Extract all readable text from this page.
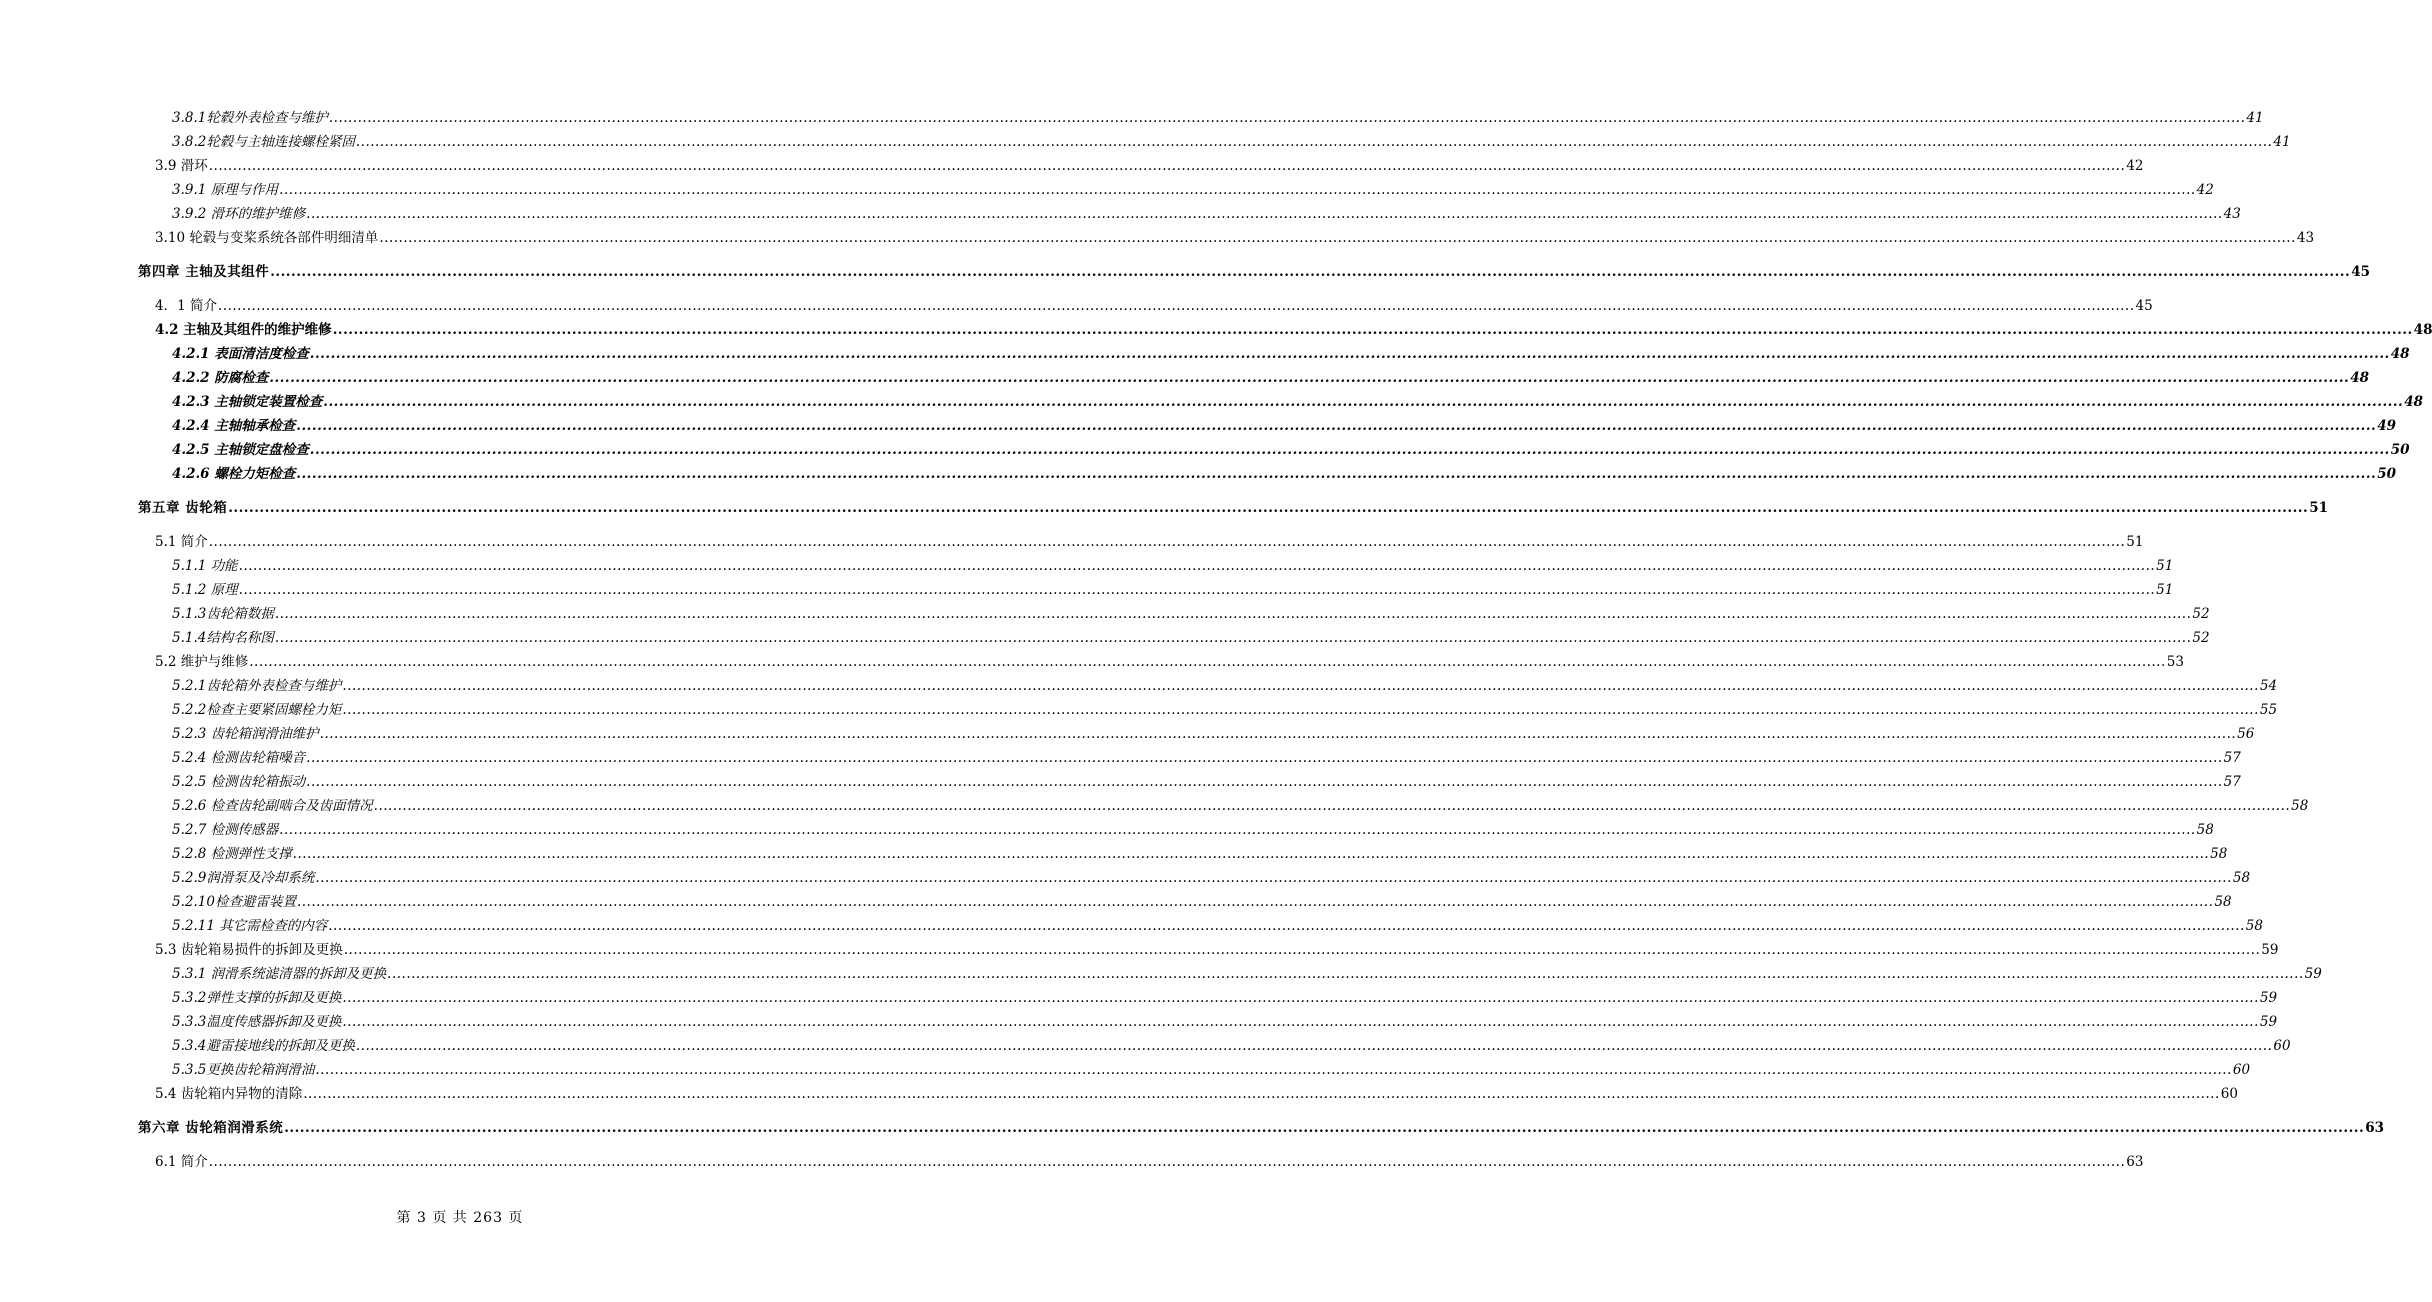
3.8.1轮毂外表检查与维护 ................................................................................................................................................................................................................................................................................................................................................................................................................ 41
3.8.2轮毂与主轴连接螺栓紧固 ................................................................................................................................................................................................................................................................................................................................................................................................................ 41
3.9 滑环 ................................................................................................................................................................................................................................................................................................................................................................................................................ 42
3.9.1 原理与作用 ................................................................................................................................................................................................................................................................................................................................................................................................................ 42
3.9.2 滑环的维护维修 ................................................................................................................................................................................................................................................................................................................................................................................................................ 43
3.10 轮毂与变桨系统各部件明细清单 ................................................................................................................................................................................................................................................................................................................................................................................................................ 43
第四章 主轴及其组件 ................................................................................................................................................................................................................................................................................................................................................................................................................ 45
4．1 简介 ................................................................................................................................................................................................................................................................................................................................................................................................................ 45
4.2 主轴及其组件的维护维修 ................................................................................................................................................................................................................................................................................................................................................................................................................ 48
4.2.1 表面清洁度检查 ................................................................................................................................................................................................................................................................................................................................................................................................................ 48
4.2.2 防腐检查 ................................................................................................................................................................................................................................................................................................................................................................................................................ 48
4.2.3 主轴锁定装置检查 ................................................................................................................................................................................................................................................................................................................................................................................................................ 48
4.2.4 主轴轴承检查 ................................................................................................................................................................................................................................................................................................................................................................................................................ 49
4.2.5 主轴锁定盘检查 ................................................................................................................................................................................................................................................................................................................................................................................................................ 50
4.2.6 螺栓力矩检查 ................................................................................................................................................................................................................................................................................................................................................................................................................ 50
第五章 齿轮箱 ................................................................................................................................................................................................................................................................................................................................................................................................................ 51
5.1 简介 ................................................................................................................................................................................................................................................................................................................................................................................................................ 51
5.1.1 功能 ................................................................................................................................................................................................................................................................................................................................................................................................................ 51
5.1.2 原理 ................................................................................................................................................................................................................................................................................................................................................................................................................ 51
5.1.3齿轮箱数据 ................................................................................................................................................................................................................................................................................................................................................................................................................ 52
5.1.4结构名称图 ................................................................................................................................................................................................................................................................................................................................................................................................................ 52
5.2 维护与维修 ................................................................................................................................................................................................................................................................................................................................................................................................................ 53
5.2.1齿轮箱外表检查与维护 ................................................................................................................................................................................................................................................................................................................................................................................................................ 54
5.2.2检查主要紧固螺栓力矩 ................................................................................................................................................................................................................................................................................................................................................................................................................ 55
5.2.3 齿轮箱润滑油维护 ................................................................................................................................................................................................................................................................................................................................................................................................................ 56
5.2.4 检测齿轮箱噪音 ................................................................................................................................................................................................................................................................................................................................................................................................................ 57
5.2.5 检测齿轮箱振动 ................................................................................................................................................................................................................................................................................................................................................................................................................ 57
5.2.6 检查齿轮副啮合及齿面情况 ................................................................................................................................................................................................................................................................................................................................................................................................................ 58
5.2.7 检测传感器 ................................................................................................................................................................................................................................................................................................................................................................................................................ 58
5.2.8 检测弹性支撑 ................................................................................................................................................................................................................................................................................................................................................................................................................ 58
5.2.9润滑泵及冷却系统 ................................................................................................................................................................................................................................................................................................................................................................................................................ 58
5.2.10检查避雷装置 ................................................................................................................................................................................................................................................................................................................................................................................................................ 58
5.2.11 其它需检查的内容 ................................................................................................................................................................................................................................................................................................................................................................................................................ 58
5.3 齿轮箱易损件的拆卸及更换 ................................................................................................................................................................................................................................................................................................................................................................................................................ 59
5.3.1 润滑系统滤清器的拆卸及更换 ................................................................................................................................................................................................................................................................................................................................................................................................................ 59
5.3.2弹性支撑的拆卸及更换 ................................................................................................................................................................................................................................................................................................................................................................................................................ 59
5.3.3温度传感器拆卸及更换 ................................................................................................................................................................................................................................................................................................................................................................................................................ 59
5.3.4避雷接地线的拆卸及更换 ................................................................................................................................................................................................................................................................................................................................................................................................................ 60
5.3.5更换齿轮箱润滑油 ................................................................................................................................................................................................................................................................................................................................................................................................................ 60
5.4 齿轮箱内异物的清除 ................................................................................................................................................................................................................................................................................................................................................................................................................ 60
第六章 齿轮箱润滑系统 ................................................................................................................................................................................................................................................................................................................................................................................................................ 63
6.1 简介 ................................................................................................................................................................................................................................................................................................................................................................................................................ 63
第 3 页 共 263 页
